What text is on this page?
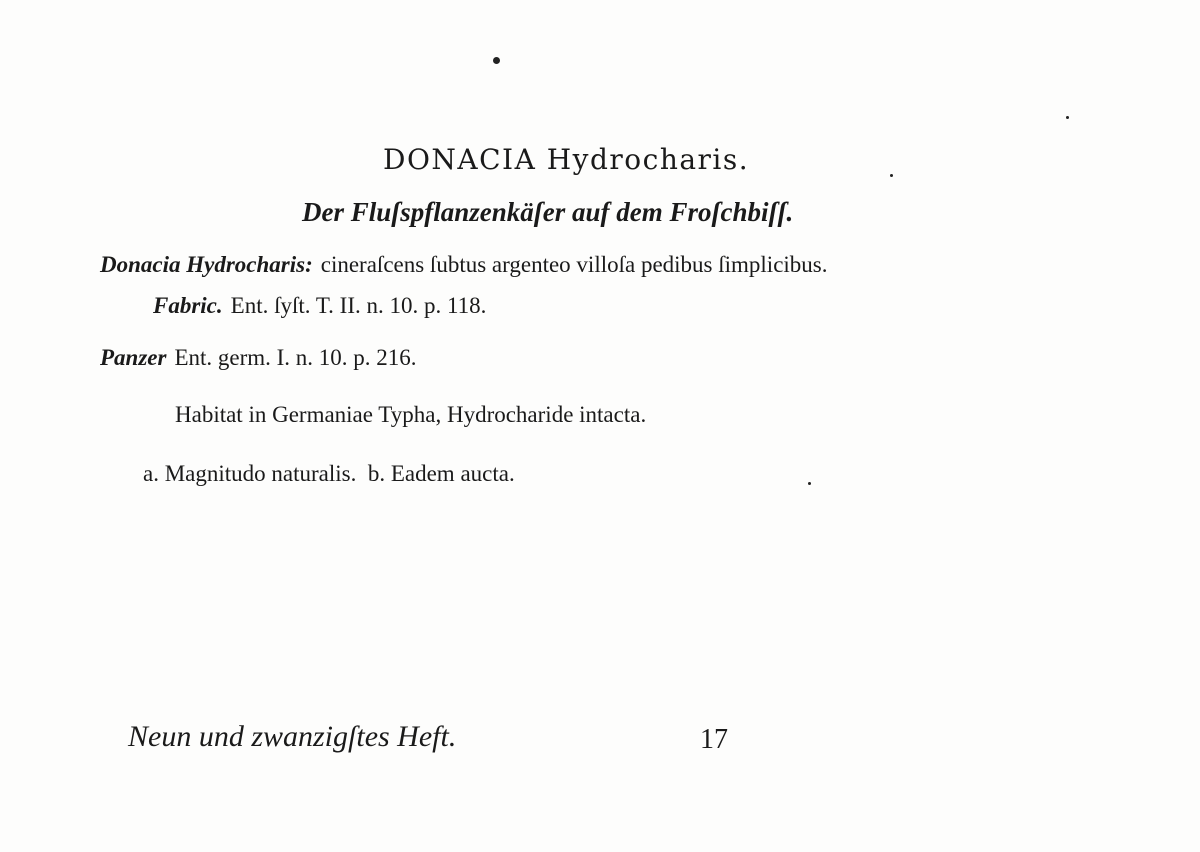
DONACIA Hydrocharis.
Der Fluſspflanzenkäſer auf dem Froſchbiſſ.
Donacia Hydrocharis: cineraſcens ſubtus argenteo villoſa pedibus ſimplicibus.
Fabric. Ent. ſyſt. T. II. n. 10. p. 118.
Panzer Ent. germ. I. n. 10. p. 216.
Habitat in Germaniae Typha, Hydrocharide intacta.
a. Magnitudo naturalis.  b. Eadem aucta.
Neun und zwanzigſtes Heft.	17
